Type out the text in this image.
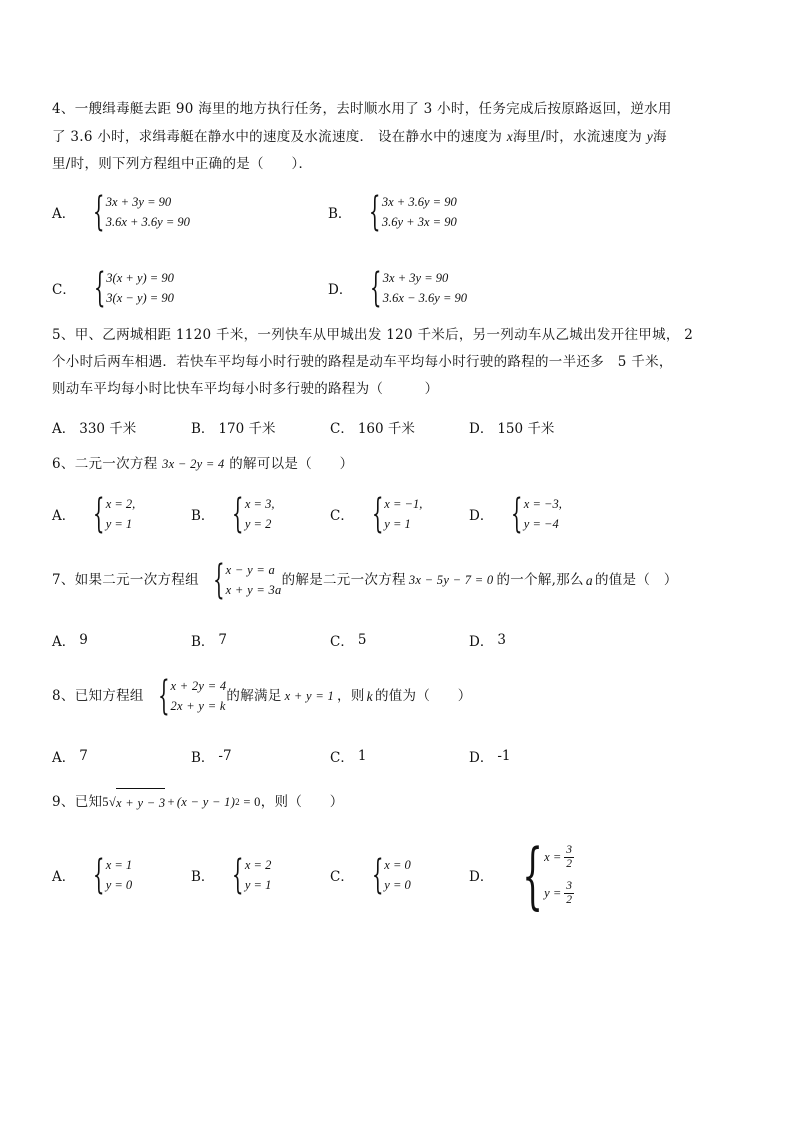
4、一艘缉毒艇去距 90 海里的地方执行任务，去时顺水用了 3 小时，任务完成后按原路返回，逆水用
了 3.6 小时，求缉毒艇在静水中的速度及水流速度． 设在静水中的速度为 x海里/时，水流速度为 y海
里/时，则下列方程组中正确的是（　　）．
A． { 3x + 3y = 90
3.6x + 3.6y = 90	B． { 3x + 3.6y = 90
3.6y + 3x = 90
C． { 3(x + y) = 90
3(x − y) = 90	D． { 3x + 3y = 90
3.6x − 3.6y = 90
5、甲、乙两城相距 1120 千米，一列快车从甲城出发 120 千米后，另一列动车从乙城出发开往甲城， 2
个小时后两车相遇．若快车平均每小时行驶的路程是动车平均每小时行驶的路程的一半还多　5 千米，
则动车平均每小时比快车平均每小时多行驶的路程为（　　　）
A． 330 千米	B． 170 千米	C． 160 千米	D． 150 千米
6、二元一次方程 3x − 2y = 4 的解可以是（　　）
A． { x = 2,
y = 1	B． { x = 3,
y = 2	C． { x = −1,
y = 1	D． { x = −3,
y = −4
7、如果二元一次方程组 { x − y = a
x + y = 3a
的解是二元一次方程 3x − 5y − 7 = 0 的一个解,那么 a 的值是（　）
A． 9	B． 7	C． 5	D． 3
8、已知方程组 { x + 2y = 4
2x + y = k
的解满足 x + y = 1 ，则 k 的值为（　　）
A． 7	B． -7	C． 1	D． -1
9、已知 5 √ x + y − 3 + (x − y − 1) 2 = 0 ，则（　　）
A． { x = 1
y = 0	B． { x = 2
y = 1	C． { x = 0
y = 0	D． { $x = \frac{3}{2}$
$y = \frac{3}{2}$
